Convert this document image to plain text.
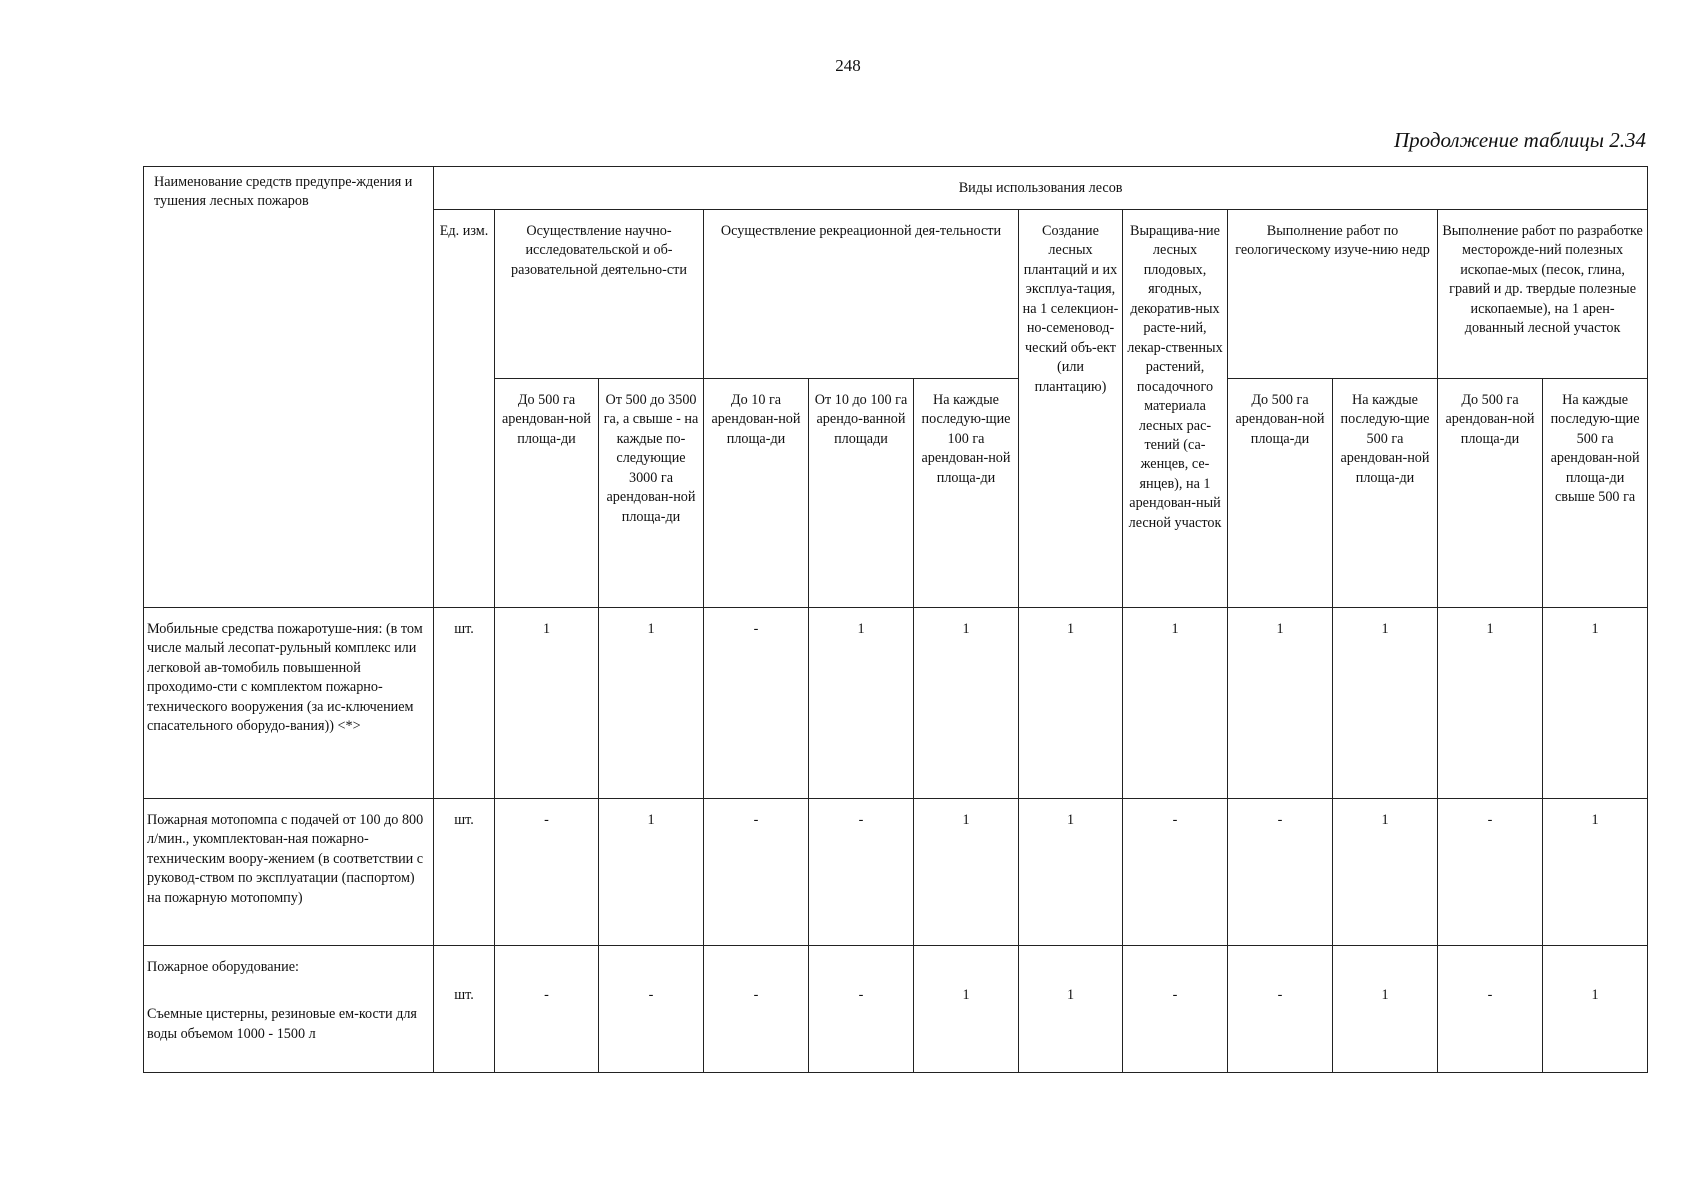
248
Продолжение таблицы 2.34
Наименование средств предупре-ждения и тушения лесных пожаров	Виды использования лесов											
	Ед. изм.	Осуществление научно-исследовательской и об-разовательной деятельно-сти		Осуществление рекреационной дея-тельности			Создание лесных плантаций и их эксплуа-тация, на 1 селекцион-но-семеновод-ческий объ-ект (или плантацию)	Выращива-ние лесных плодовых, ягодных, декоратив-ных расте-ний, лекар-ственных растений, посадочного материала лесных рас-тений (са-женцев, се-янцев), на 1 арендован-ный лесной участок	Выполнение работ по геологическому изуче-нию недр		Выполнение работ по разработке месторожде-ний полезных ископае-мых (песок, глина, гравий и др. твердые полезные ископаемые), на 1 арен-дованный лесной участок	
		До 500 га арендован-ной площа-ди	От 500 до 3500 га, а свыше - на каждые по-следующие 3000 га арендован-ной площа-ди	До 10 га арендован-ной площа-ди	От 10 до 100 га арендо-ванной площади	На каждые последую-щие 100 га арендован-ной площа-ди			До 500 га арендован-ной площа-ди	На каждые последую-щие 500 га арендован-ной площа-ди	До 500 га арендован-ной площа-ди	На каждые последую-щие 500 га арендован-ной площа-ди свыше 500 га
Мобильные средства пожаротуше-ния: (в том числе малый лесопат-рульный комплекс или легковой ав-томобиль повышенной проходимо-сти с комплектом пожарно-технического вооружения (за ис-ключением спасательного оборудо-вания)) <*>	шт.	1	1	-	1	1	1	1	1	1	1	1
Пожарная мотопомпа с подачей от 100 до 800 л/мин., укомплектован-ная пожарно-техническим воору-жением (в соответствии с руковод-ством по эксплуатации (паспортом) на пожарную мотопомпу)	шт.	-	1	-	-	1	1	-	-	1	-	1

Пожарное оборудование:
Съемные цистерны, резиновые ем-кости для воды объемом 1000 - 1500 л	шт.	-	-	-	-	1	1	-	-	1	-	1
